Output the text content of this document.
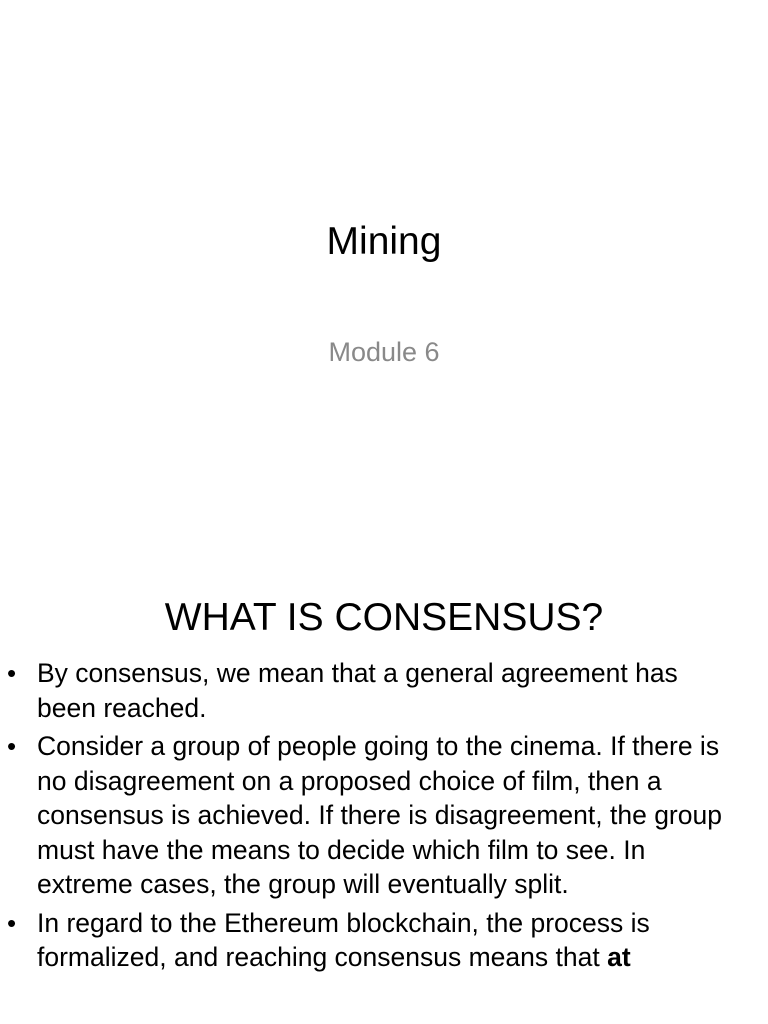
Mining
Module 6
WHAT IS CONSENSUS?
• By consensus, we mean that a general agreement has been reached.
• Consider a group of people going to the cinema. If there is no disagreement on a proposed choice of film, then a consensus is achieved. If there is disagreement, the group must have the means to decide which film to see. In extreme cases, the group will eventually split.
• In regard to the Ethereum blockchain, the process is formalized, and reaching consensus means that at
